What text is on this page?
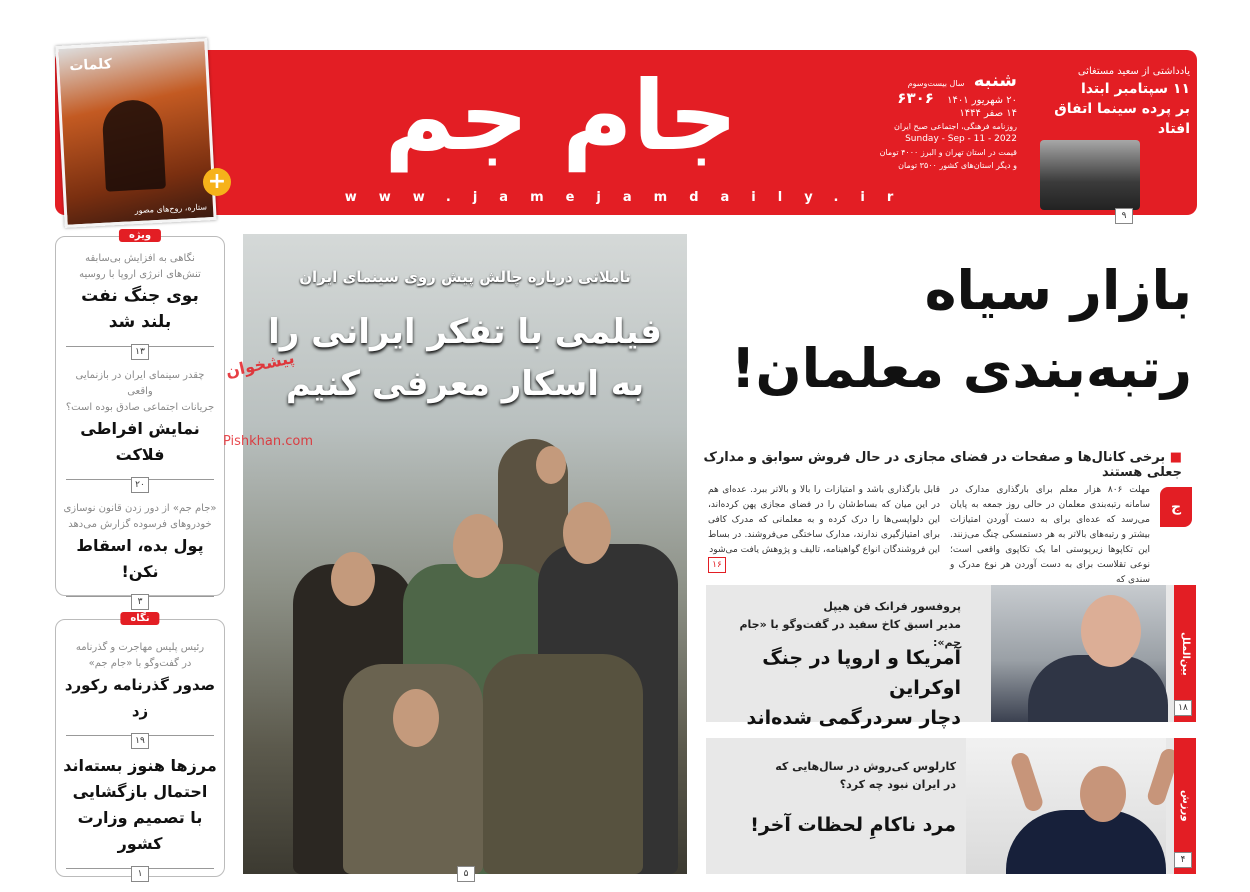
جام جم
www.jamejamdaily.ir
شنبه سال بیست‌وسوم
۲۰ شهریور ۱۴۰۱ ۶۳۰۶
۱۴ صفر ۱۴۴۴
روزنامه فرهنگی، اجتماعی صبح ایران
Sunday - Sep - 11 - 2022
قیمت در استان تهران و البرز ۴۰۰۰ تومان
و دیگر استان‌های کشور ۳۵۰۰ تومان
یادداشتی از سعید مستغاثی
۱۱ سپتامبر ابتدا
بر پرده سینما اتفاق افتاد
۹
کلمات
ستاره، روح‌های مصور
+
ویژه
نگاهی به افزایش بی‌سابقه
تنش‌های انرژی اروپا با روسیه
بوی جنگ نفت
بلند شد
۱۳
چقدر سینمای ایران در بازنمایی واقعی
جریانات اجتماعی صادق بوده است؟
نمایش افراطی فلاکت
۲۰
«جام جم» از دور زدن قانون نوسازی
خودروهای فرسوده گزارش می‌دهد
پول بده، اسقاط نکن!
۳
نگاه
رئیس پلیس مهاجرت و گذرنامه
در گفت‌وگو با «جام جم»
صدور گذرنامه رکورد زد
۱۹
مرزها هنوز بسته‌اند
احتمال بازگشایی
با تصمیم وزارت کشور
۱
تاملاتی درباره چالش پیش روی سینمای ایران
فیلمی با تفکر ایرانی را
به اسکار معرفی کنیم
۵
پیشخوان
Pishkhan.com
بازار سیاه
رتبه‌بندی معلمان!
■ برخی کانال‌ها و صفحات در فضای مجازی در حال فروش سوابق و مدارک جعلی هستند
ج
مهلت ۸۰۶ هزار معلم برای بارگذاری مدارک در سامانه رتبه‌بندی معلمان در حالی روز جمعه به پایان می‌رسد که عده‌ای برای به دست آوردن امتیازات بیشتر و رتبه‌های بالاتر به هر دستمسکی چنگ می‌زنند. این تکاپوها زیرپوستی اما یک تکاپوی واقعی است؛ نوعی تقلاست برای به دست آوردن هر نوع مدرک و سندی که
قابل بارگذاری باشد و امتیازات را بالا و بالاتر ببرد. عده‌ای هم در این میان که بساط‌شان را در فضای مجازی پهن کرده‌اند، این دلواپسی‌ها را درک کرده و به معلمانی که مدرک کافی برای امتیازگیری ندارند، مدارک ساختگی می‌فروشند. در بساط این فروشندگان انواع گواهینامه، تالیف و پژوهش یافت می‌شود
۱۶
بین‌الملل
پروفسور فرانک فن هیپل
مدیر اسبق کاخ سفید در گفت‌وگو با «جام جم»:
آمریکا و اروپا در جنگ اوکراین
دچار سردرگمی شده‌اند	۱۸
ورزش
کارلوس کی‌روش در سال‌هایی که
در ایران نبود چه کرد؟
مرد ناکامِ لحظات آخر!
۴
